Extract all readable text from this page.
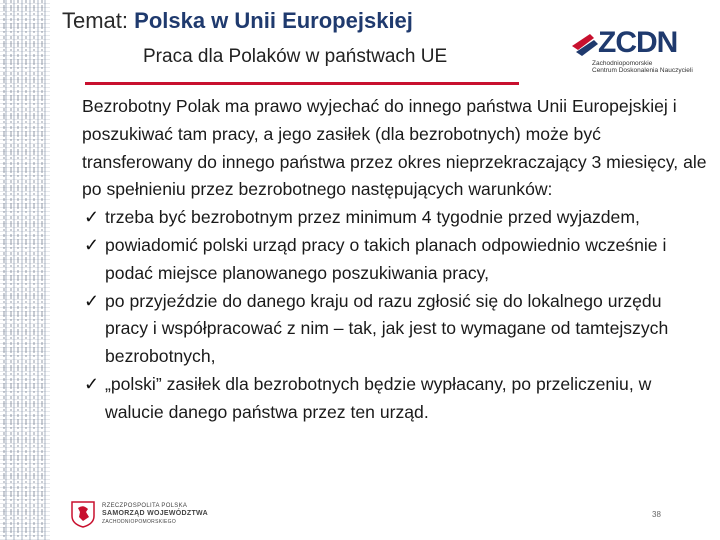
Temat: Polska w Unii Europejskiej
Praca dla Polaków w państwach UE	ZCDN
Zachodniopomorskie
Centrum Doskonalenia Nauczycieli

Bezrobotny Polak ma prawo wyjechać do innego państwa Unii Europejskiej i poszukiwać tam pracy, a jego zasiłek (dla bezrobotnych) może być transferowany do innego państwa przez okres nieprzekraczający 3 miesięcy, ale po spełnieniu przez bezrobotnego następujących warunków:

✓ trzeba być bezrobotnym przez minimum 4 tygodnie przed wyjazdem,
✓ powiadomić polski urząd pracy o takich planach odpowiednio wcześnie i podać miejsce planowanego poszukiwania pracy,
✓ po przyjeździe do danego kraju od razu zgłosić się do lokalnego urzędu pracy i współpracować z nim – tak, jak jest to wymagane od tamtejszych bezrobotnych,
✓ „polski” zasiłek dla bezrobotnych będzie wypłacany, po przeliczeniu, w walucie danego państwa przez ten urząd.
RZECZPOSPOLITA POLSKA
SAMORZĄD WOJEWÓDZTWA
ZACHODNIOPOMORSKIEGO
38
